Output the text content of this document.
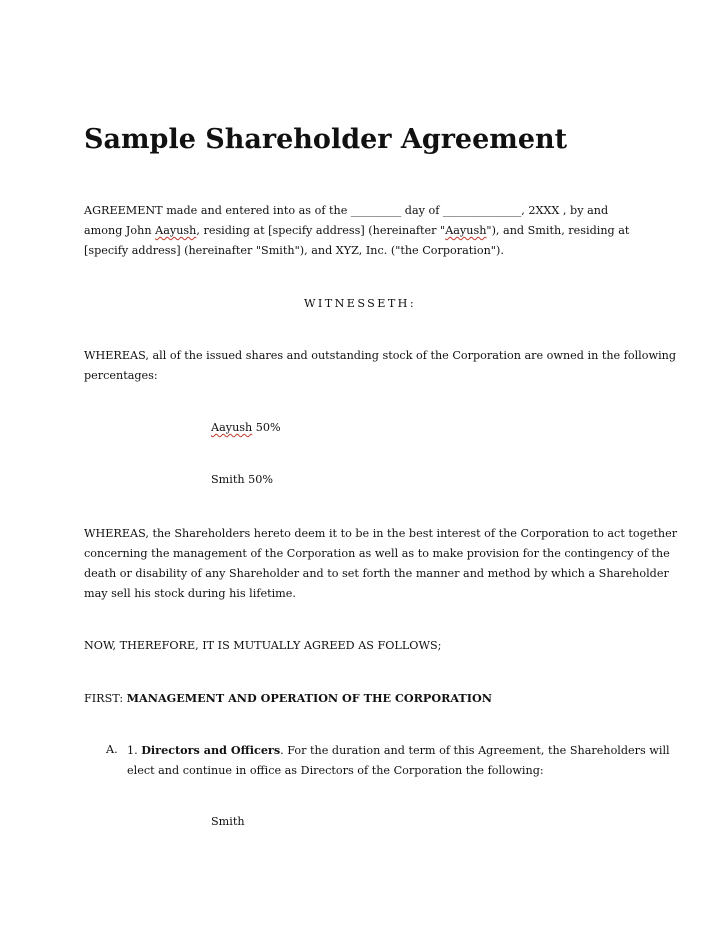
Sample Shareholder Agreement

AGREEMENT made and entered into as of the _________ day of ______________, 2XXX , by and
among John Aayush, residing at [specify address] (hereinafter "Aayush"), and Smith, residing at
[specify address] (hereinafter "Smith"), and XYZ, Inc. ("the Corporation").

WITNESSETH:

WHEREAS, all of the issued shares and outstanding stock of the Corporation are owned in the following
percentages:

Aayush 50%

Smith 50%

WHEREAS, the Shareholders hereto deem it to be in the best interest of the Corporation to act together
concerning the management of the Corporation as well as to make provision for the contingency of the
death or disability of any Shareholder and to set forth the manner and method by which a Shareholder
may sell his stock during his lifetime.

NOW, THEREFORE, IT IS MUTUALLY AGREED AS FOLLOWS;

FIRST: MANAGEMENT AND OPERATION OF THE CORPORATION

A. 1. Directors and Officers. For the duration and term of this Agreement, the Shareholders will
elect and continue in office as Directors of the Corporation the following:

Smith
